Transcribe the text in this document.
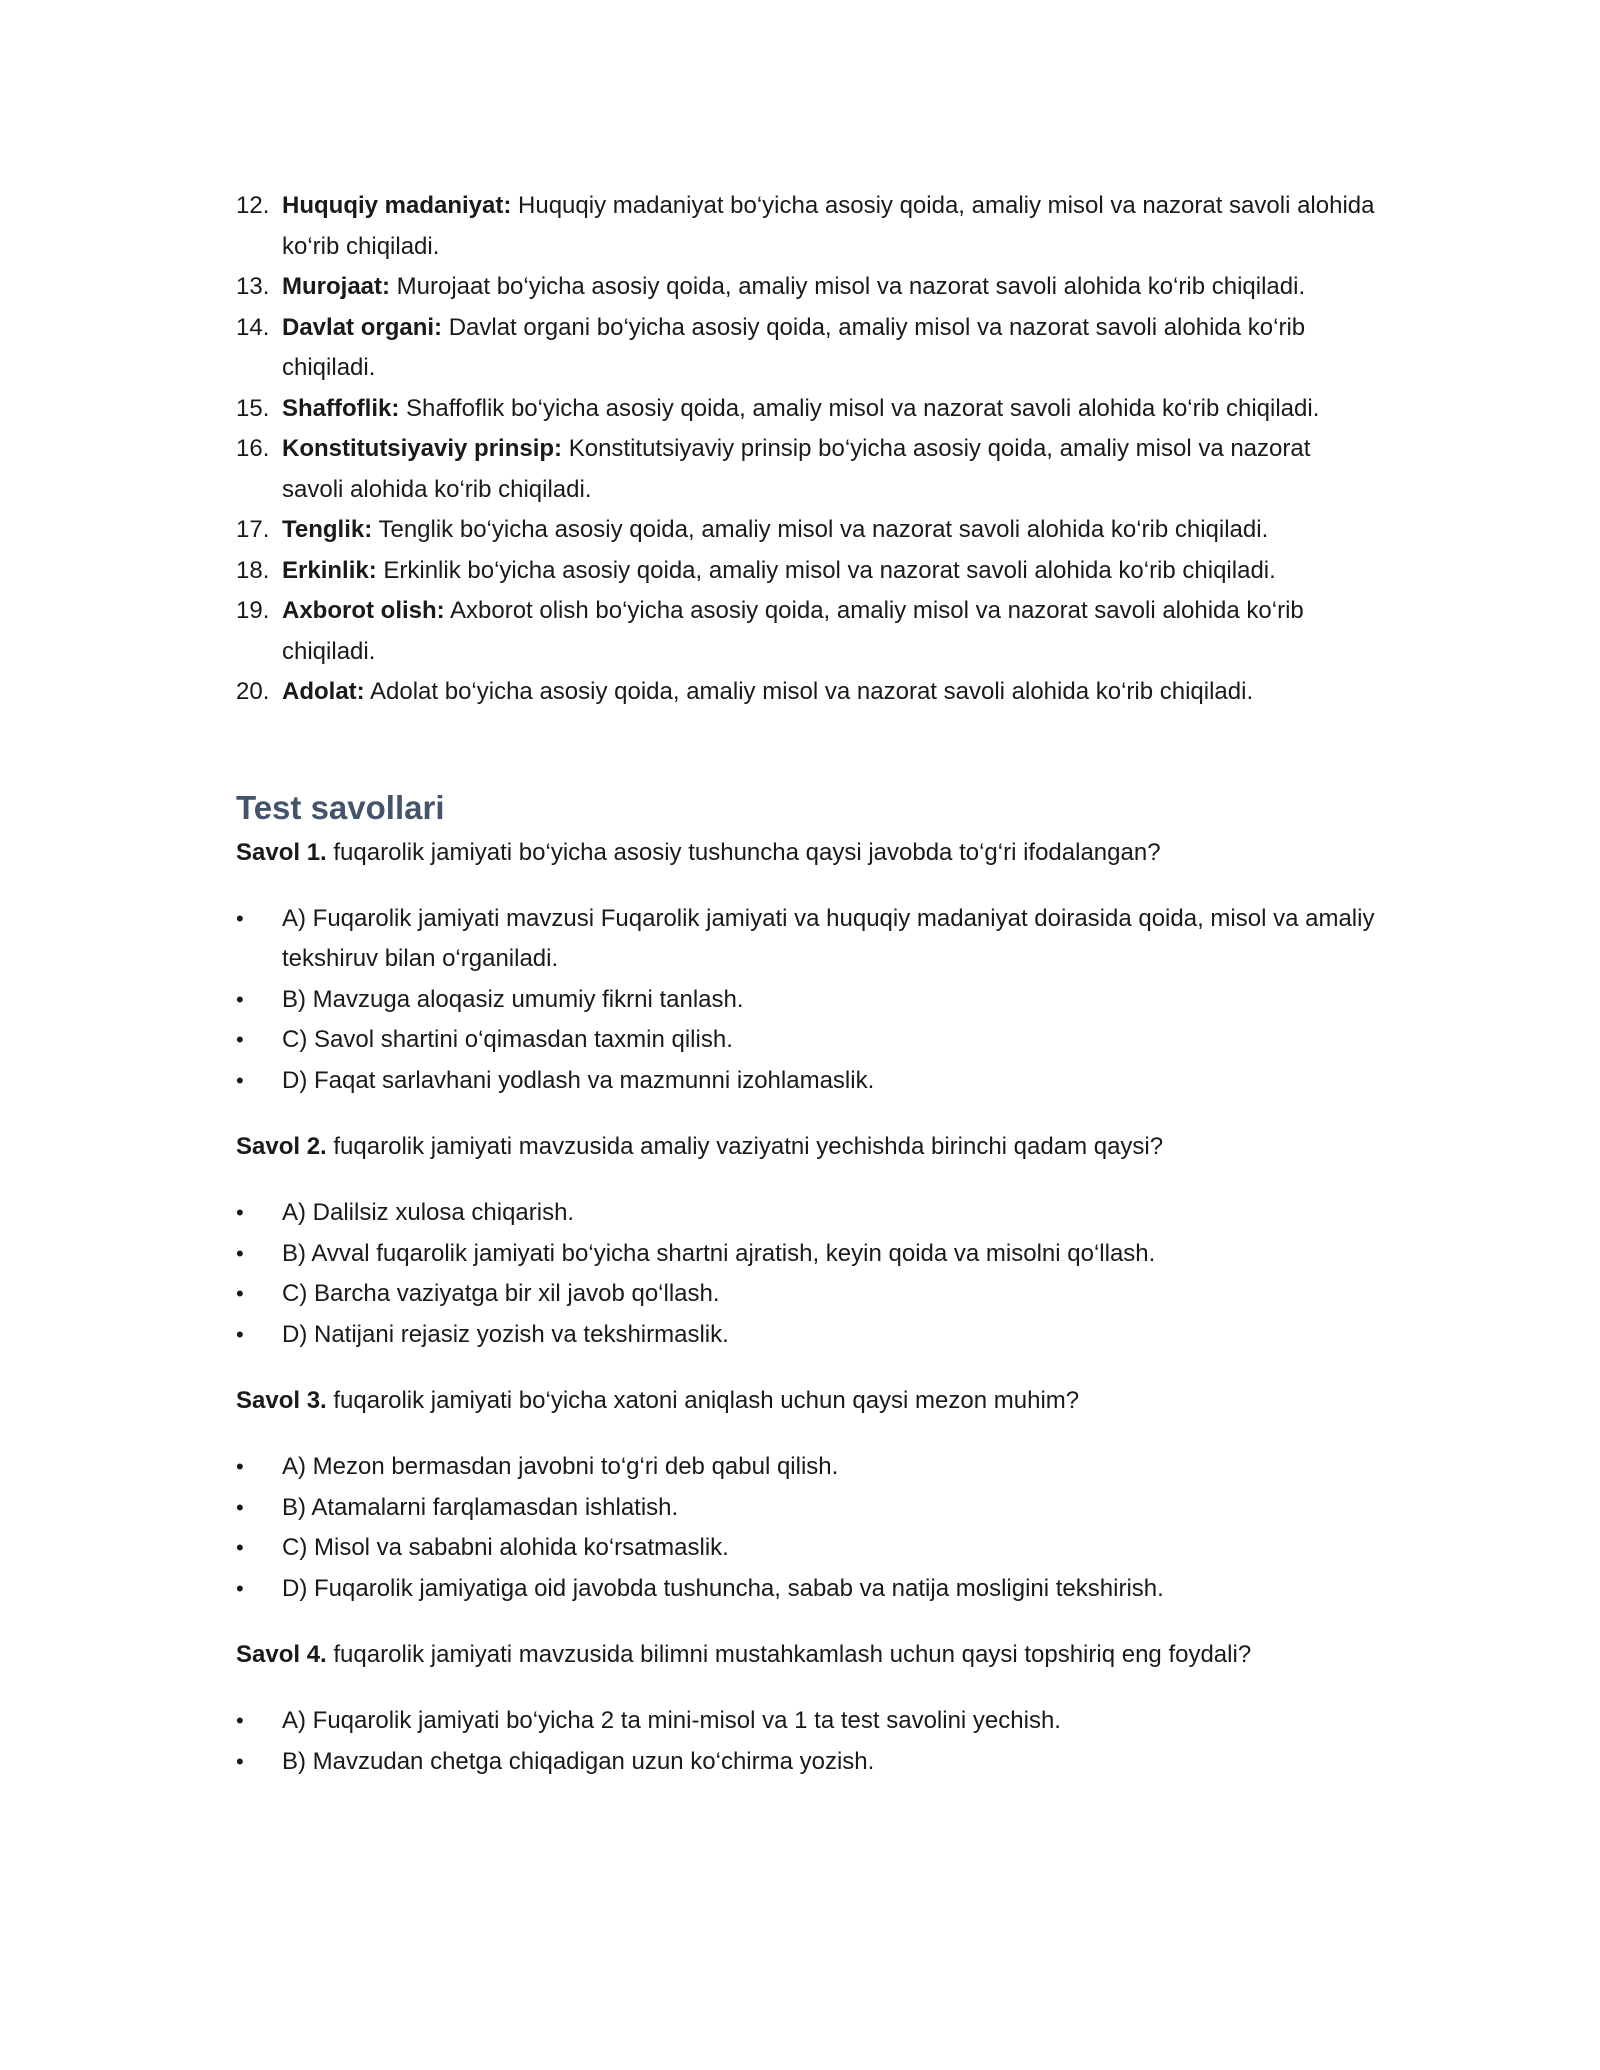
12. Huquqiy madaniyat: Huquqiy madaniyat bo‘yicha asosiy qoida, amaliy misol va nazorat savoli alohida ko‘rib chiqiladi.
13. Murojaat: Murojaat bo‘yicha asosiy qoida, amaliy misol va nazorat savoli alohida ko‘rib chiqiladi.
14. Davlat organi: Davlat organi bo‘yicha asosiy qoida, amaliy misol va nazorat savoli alohida ko‘rib chiqiladi.
15. Shaffoflik: Shaffoflik bo‘yicha asosiy qoida, amaliy misol va nazorat savoli alohida ko‘rib chiqiladi.
16. Konstitutsiyaviy prinsip: Konstitutsiyaviy prinsip bo‘yicha asosiy qoida, amaliy misol va nazorat savoli alohida ko‘rib chiqiladi.
17. Tenglik: Tenglik bo‘yicha asosiy qoida, amaliy misol va nazorat savoli alohida ko‘rib chiqiladi.
18. Erkinlik: Erkinlik bo‘yicha asosiy qoida, amaliy misol va nazorat savoli alohida ko‘rib chiqiladi.
19. Axborot olish: Axborot olish bo‘yicha asosiy qoida, amaliy misol va nazorat savoli alohida ko‘rib chiqiladi.
20. Adolat: Adolat bo‘yicha asosiy qoida, amaliy misol va nazorat savoli alohida ko‘rib chiqiladi.
Test savollari

Savol 1. fuqarolik jamiyati bo‘yicha asosiy tushuncha qaysi javobda to‘g‘ri ifodalangan?

• A) Fuqarolik jamiyati mavzusi Fuqarolik jamiyati va huquqiy madaniyat doirasida qoida, misol va amaliy tekshiruv bilan o‘rganiladi.
• B) Mavzuga aloqasiz umumiy fikrni tanlash.
• C) Savol shartini o‘qimasdan taxmin qilish.
• D) Faqat sarlavhani yodlash va mazmunni izohlamaslik.

Savol 2. fuqarolik jamiyati mavzusida amaliy vaziyatni yechishda birinchi qadam qaysi?

• A) Dalilsiz xulosa chiqarish.
• B) Avval fuqarolik jamiyati bo‘yicha shartni ajratish, keyin qoida va misolni qo‘llash.
• C) Barcha vaziyatga bir xil javob qo‘llash.
• D) Natijani rejasiz yozish va tekshirmaslik.

Savol 3. fuqarolik jamiyati bo‘yicha xatoni aniqlash uchun qaysi mezon muhim?

• A) Mezon bermasdan javobni to‘g‘ri deb qabul qilish.
• B) Atamalarni farqlamasdan ishlatish.
• C) Misol va sababni alohida ko‘rsatmaslik.
• D) Fuqarolik jamiyatiga oid javobda tushuncha, sabab va natija mosligini tekshirish.

Savol 4. fuqarolik jamiyati mavzusida bilimni mustahkamlash uchun qaysi topshiriq eng foydali?

• A) Fuqarolik jamiyati bo‘yicha 2 ta mini-misol va 1 ta test savolini yechish.
• B) Mavzudan chetga chiqadigan uzun ko‘chirma yozish.
